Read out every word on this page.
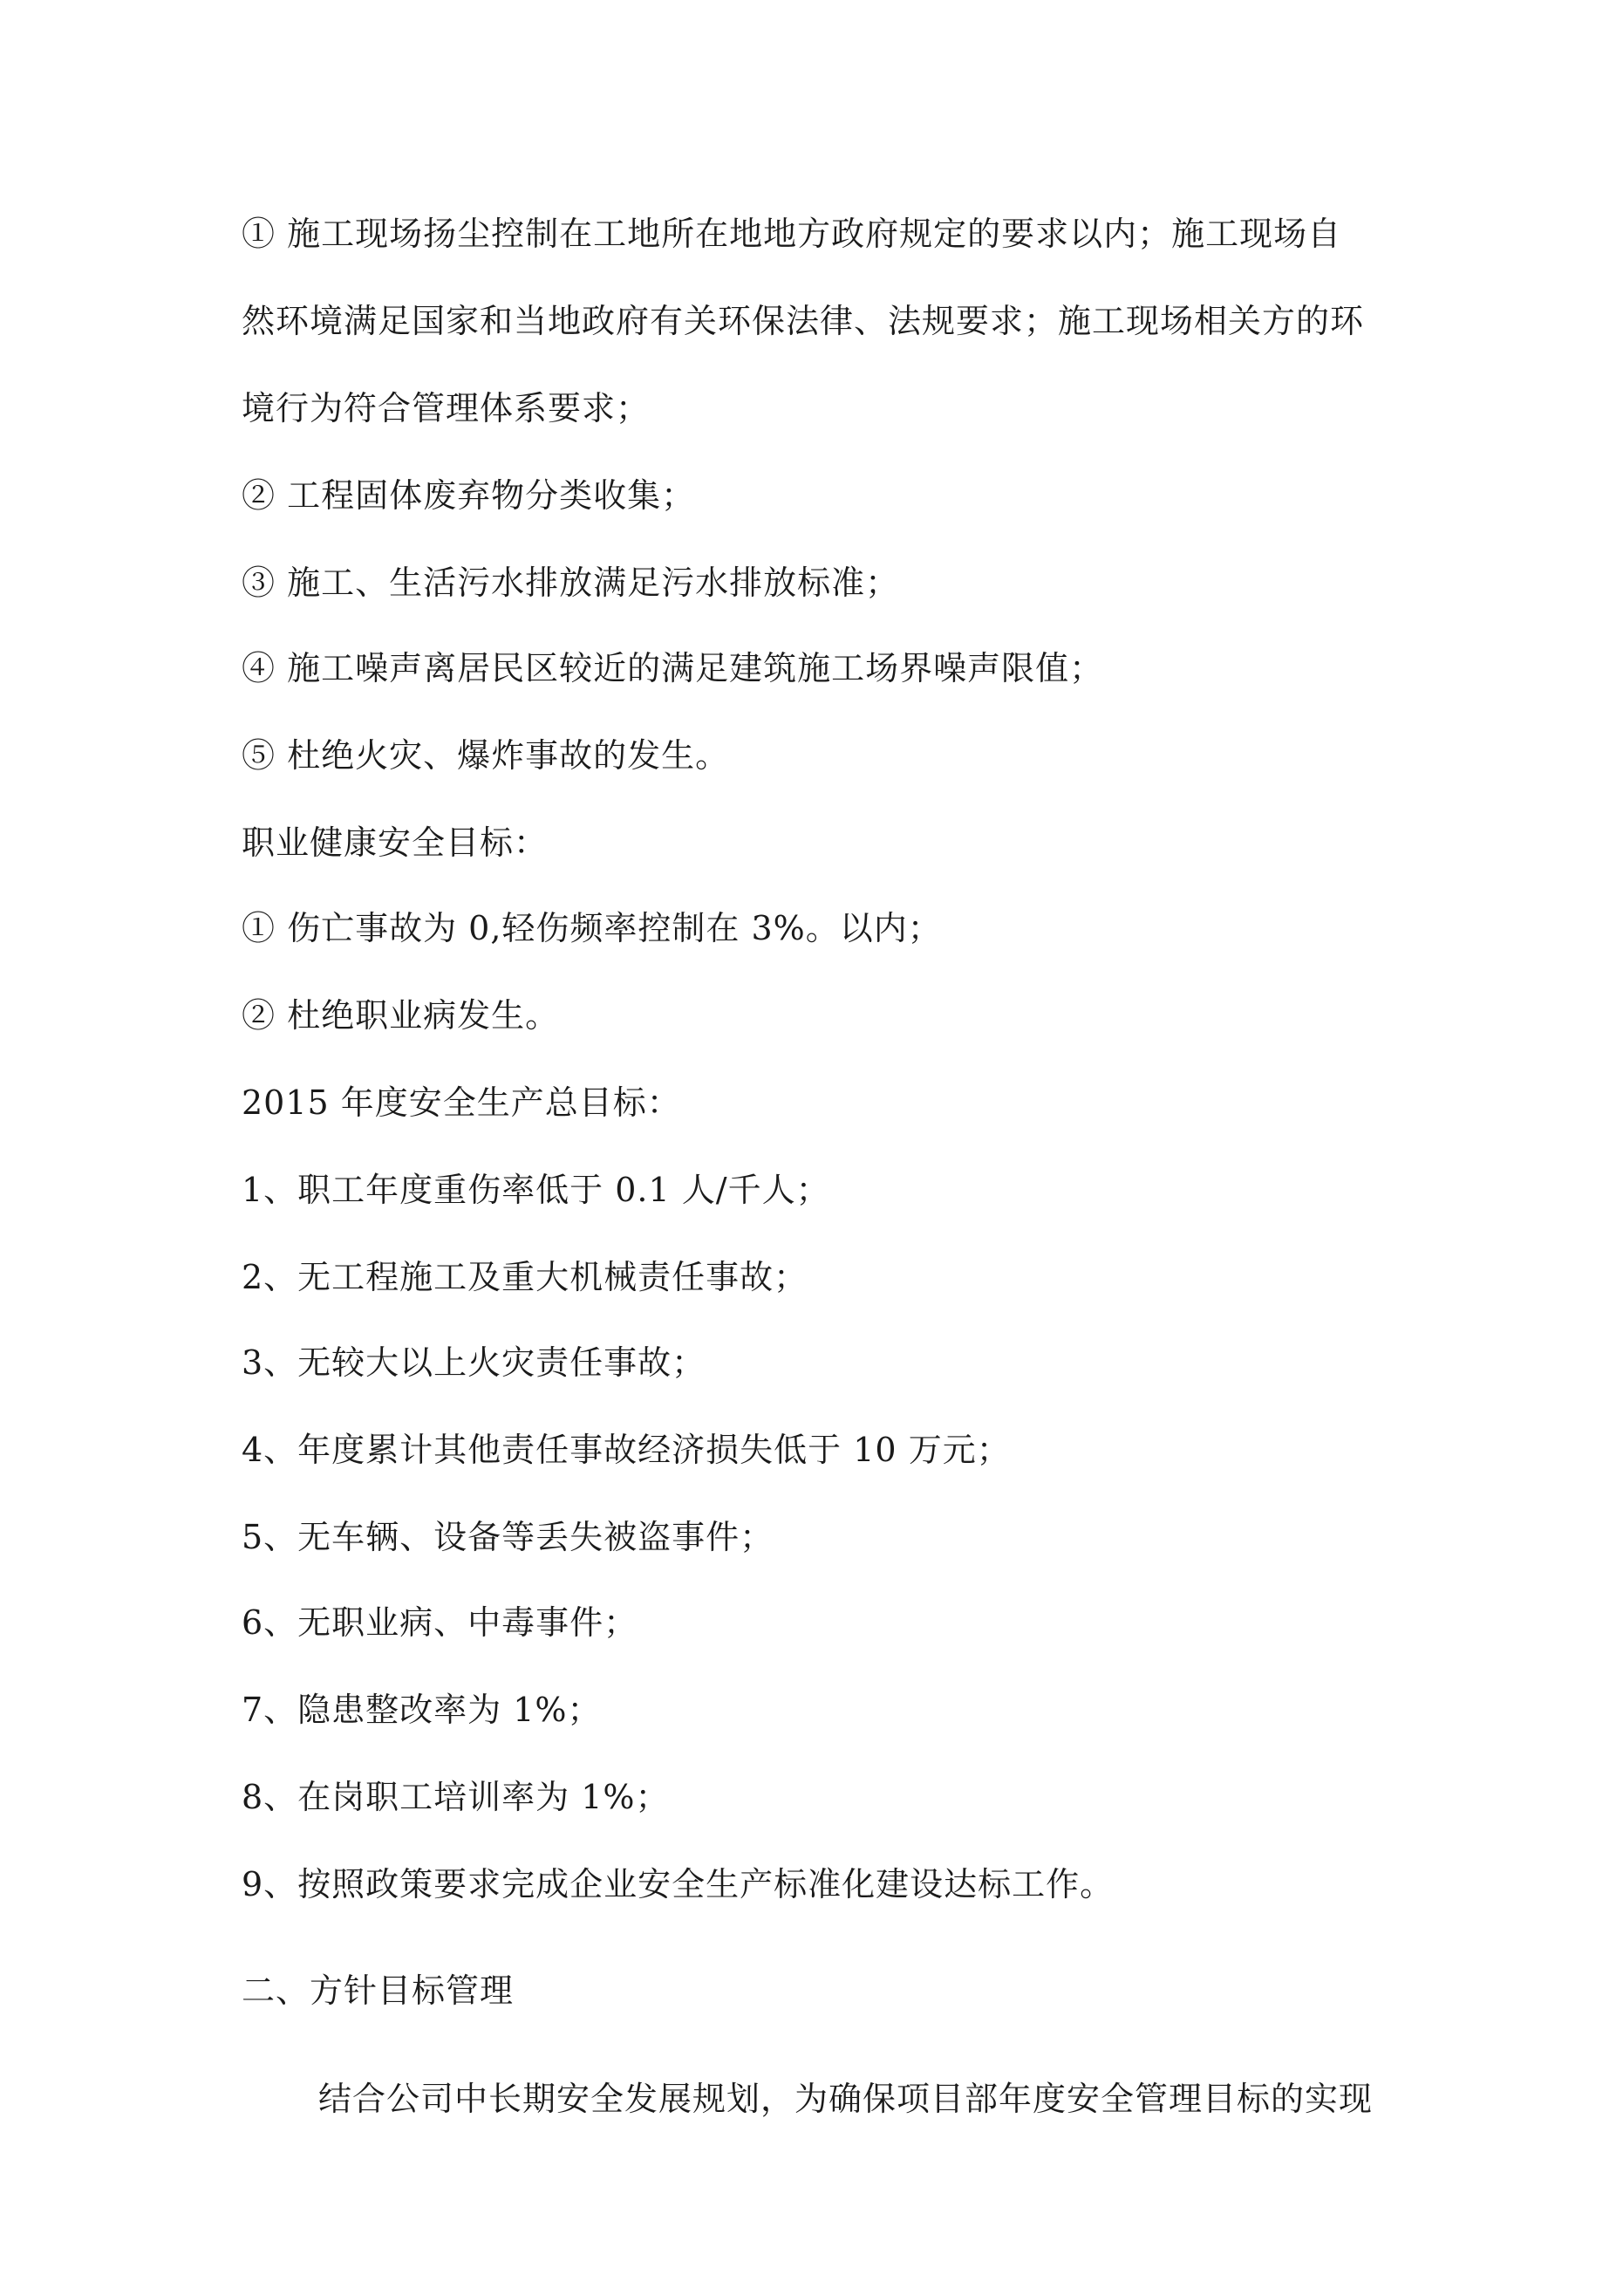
① 施工现场扬尘控制在工地所在地地方政府规定的要求以内；施工现场自
然环境满足国家和当地政府有关环保法律、法规要求；施工现场相关方的环
境行为符合管理体系要求；
② 工程固体废弃物分类收集；
③ 施工、生活污水排放满足污水排放标准；
④ 施工噪声离居民区较近的满足建筑施工场界噪声限值；
⑤ 杜绝火灾、爆炸事故的发生。
职业健康安全目标：
① 伤亡事故为 0,轻伤频率控制在 3%。以内；
② 杜绝职业病发生。
2015 年度安全生产总目标：
1、职工年度重伤率低于 0.1 人/千人；
2、无工程施工及重大机械责任事故；
3、无较大以上火灾责任事故；
4、年度累计其他责任事故经济损失低于 10 万元；
5、无车辆、设备等丢失被盗事件；
6、无职业病、中毒事件；
7、隐患整改率为 1%；
8、在岗职工培训率为 1%；
9、按照政策要求完成企业安全生产标准化建设达标工作。
二、方针目标管理
结合公司中长期安全发展规划，为确保项目部年度安全管理目标的实现
